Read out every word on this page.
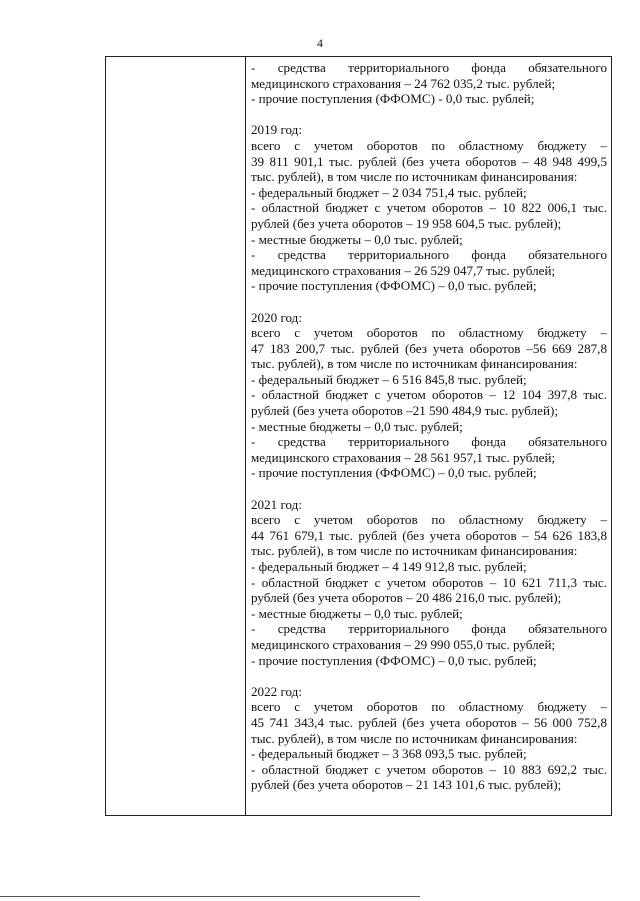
4
- средства территориального фонда обязательного
медицинского страхования – 24 762 035,2 тыс. рублей;
- прочие поступления (ФФОМС) - 0,0 тыс. рублей;
2019 год:
всего с учетом оборотов по областному бюджету –
39 811 901,1 тыс. рублей (без учета оборотов – 48 948 499,5
тыс. рублей), в том числе по источникам финансирования:
- федеральный бюджет – 2 034 751,4 тыс. рублей;
- областной бюджет с учетом оборотов – 10 822 006,1 тыс.
рублей (без учета оборотов – 19 958 604,5 тыс. рублей);
- местные бюджеты – 0,0 тыс. рублей;
- средства территориального фонда обязательного
медицинского страхования – 26 529 047,7 тыс. рублей;
- прочие поступления (ФФОМС) – 0,0 тыс. рублей;
2020 год:
всего с учетом оборотов по областному бюджету –
47 183 200,7 тыс. рублей (без учета оборотов –56 669 287,8
тыс. рублей), в том числе по источникам финансирования:
- федеральный бюджет – 6 516 845,8 тыс. рублей;
- областной бюджет с учетом оборотов – 12 104 397,8 тыс.
рублей (без учета оборотов –21 590 484,9 тыс. рублей);
- местные бюджеты – 0,0 тыс. рублей;
- средства территориального фонда обязательного
медицинского страхования – 28 561 957,1 тыс. рублей;
- прочие поступления (ФФОМС) – 0,0 тыс. рублей;
2021 год:
всего с учетом оборотов по областному бюджету –
44 761 679,1 тыс. рублей (без учета оборотов – 54 626 183,8
тыс. рублей), в том числе по источникам финансирования:
- федеральный бюджет – 4 149 912,8 тыс. рублей;
- областной бюджет с учетом оборотов – 10 621 711,3 тыс.
рублей (без учета оборотов – 20 486 216,0 тыс. рублей);
- местные бюджеты – 0,0 тыс. рублей;
- средства территориального фонда обязательного
медицинского страхования – 29 990 055,0 тыс. рублей;
- прочие поступления (ФФОМС) – 0,0 тыс. рублей;
2022 год:
всего с учетом оборотов по областному бюджету –
45 741 343,4 тыс. рублей (без учета оборотов – 56 000 752,8
тыс. рублей), в том числе по источникам финансирования:
- федеральный бюджет – 3 368 093,5 тыс. рублей;
- областной бюджет с учетом оборотов – 10 883 692,2 тыс.
рублей (без учета оборотов – 21 143 101,6 тыс. рублей);
